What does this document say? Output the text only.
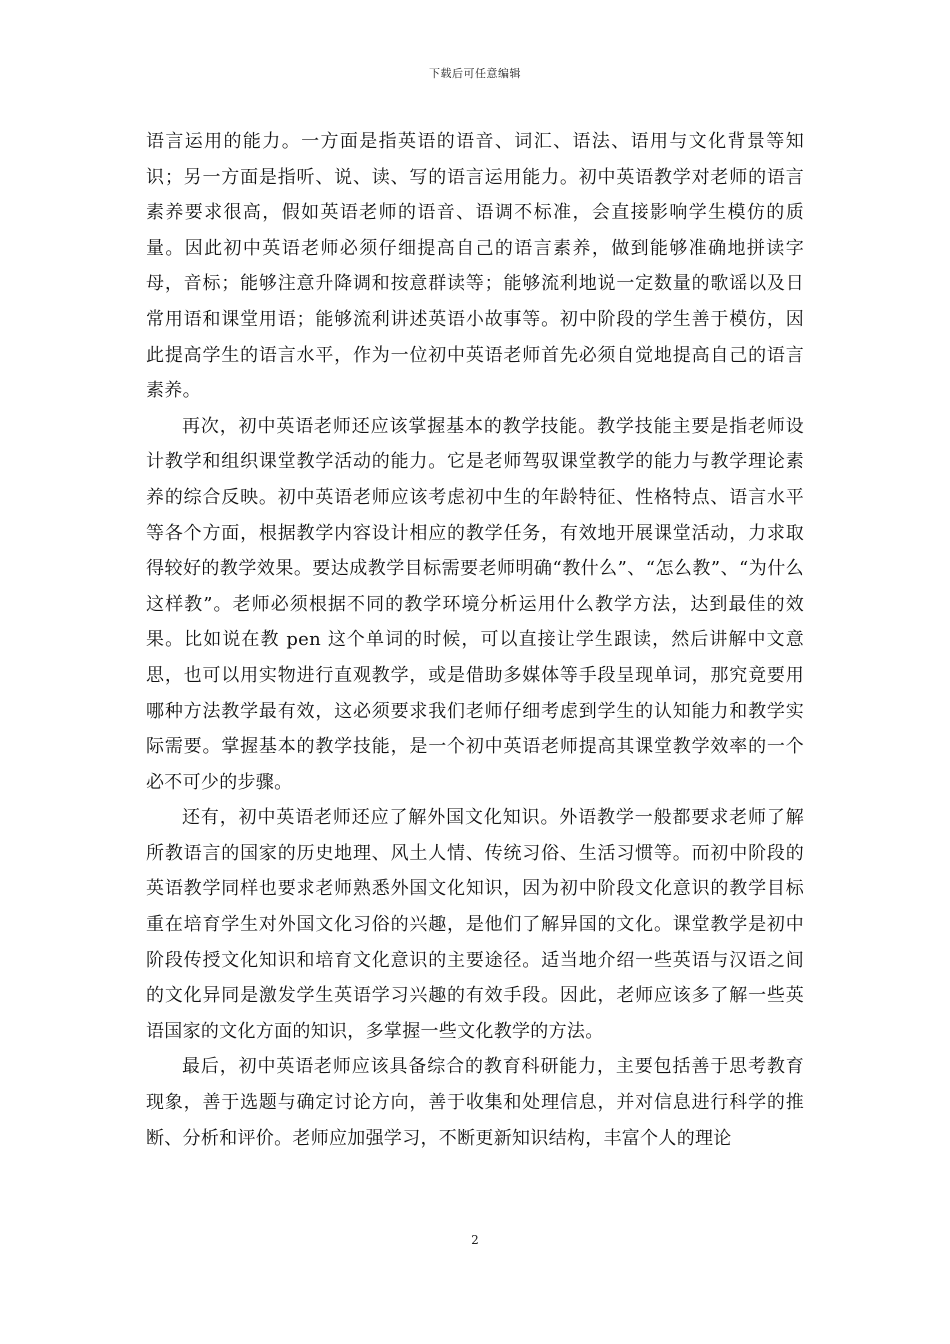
下载后可任意编辑

语言运用的能力。一方面是指英语的语音、词汇、语法、语用与文化背景等知识；另一方面是指听、说、读、写的语言运用能力。初中英语教学对老师的语言素养要求很高，假如英语老师的语音、语调不标准，会直接影响学生模仿的质量。因此初中英语老师必须仔细提高自己的语言素养，做到能够准确地拼读字母，音标；能够注意升降调和按意群读等；能够流利地说一定数量的歌谣以及日常用语和课堂用语；能够流利讲述英语小故事等。初中阶段的学生善于模仿，因此提高学生的语言水平，作为一位初中英语老师首先必须自觉地提高自己的语言素养。

再次，初中英语老师还应该掌握基本的教学技能。教学技能主要是指老师设计教学和组织课堂教学活动的能力。它是老师驾驭课堂教学的能力与教学理论素养的综合反映。初中英语老师应该考虑初中生的年龄特征、性格特点、语言水平等各个方面，根据教学内容设计相应的教学任务，有效地开展课堂活动，力求取得较好的教学效果。要达成教学目标需要老师明确“教什么”、“怎么教”、“为什么这样教”。老师必须根据不同的教学环境分析运用什么教学方法，达到最佳的效果。比如说在教 pen 这个单词的时候，可以直接让学生跟读，然后讲解中文意思，也可以用实物进行直观教学，或是借助多媒体等手段呈现单词，那究竟要用哪种方法教学最有效，这必须要求我们老师仔细考虑到学生的认知能力和教学实际需要。掌握基本的教学技能，是一个初中英语老师提高其课堂教学效率的一个必不可少的步骤。

还有，初中英语老师还应了解外国文化知识。外语教学一般都要求老师了解所教语言的国家的历史地理、风土人情、传统习俗、生活习惯等。而初中阶段的英语教学同样也要求老师熟悉外国文化知识，因为初中阶段文化意识的教学目标重在培育学生对外国文化习俗的兴趣，是他们了解异国的文化。课堂教学是初中阶段传授文化知识和培育文化意识的主要途径。适当地介绍一些英语与汉语之间的文化异同是激发学生英语学习兴趣的有效手段。因此，老师应该多了解一些英语国家的文化方面的知识，多掌握一些文化教学的方法。

最后，初中英语老师应该具备综合的教育科研能力，主要包括善于思考教育现象，善于选题与确定讨论方向，善于收集和处理信息，并对信息进行科学的推断、分析和评价。老师应加强学习，不断更新知识结构，丰富个人的理论

2
